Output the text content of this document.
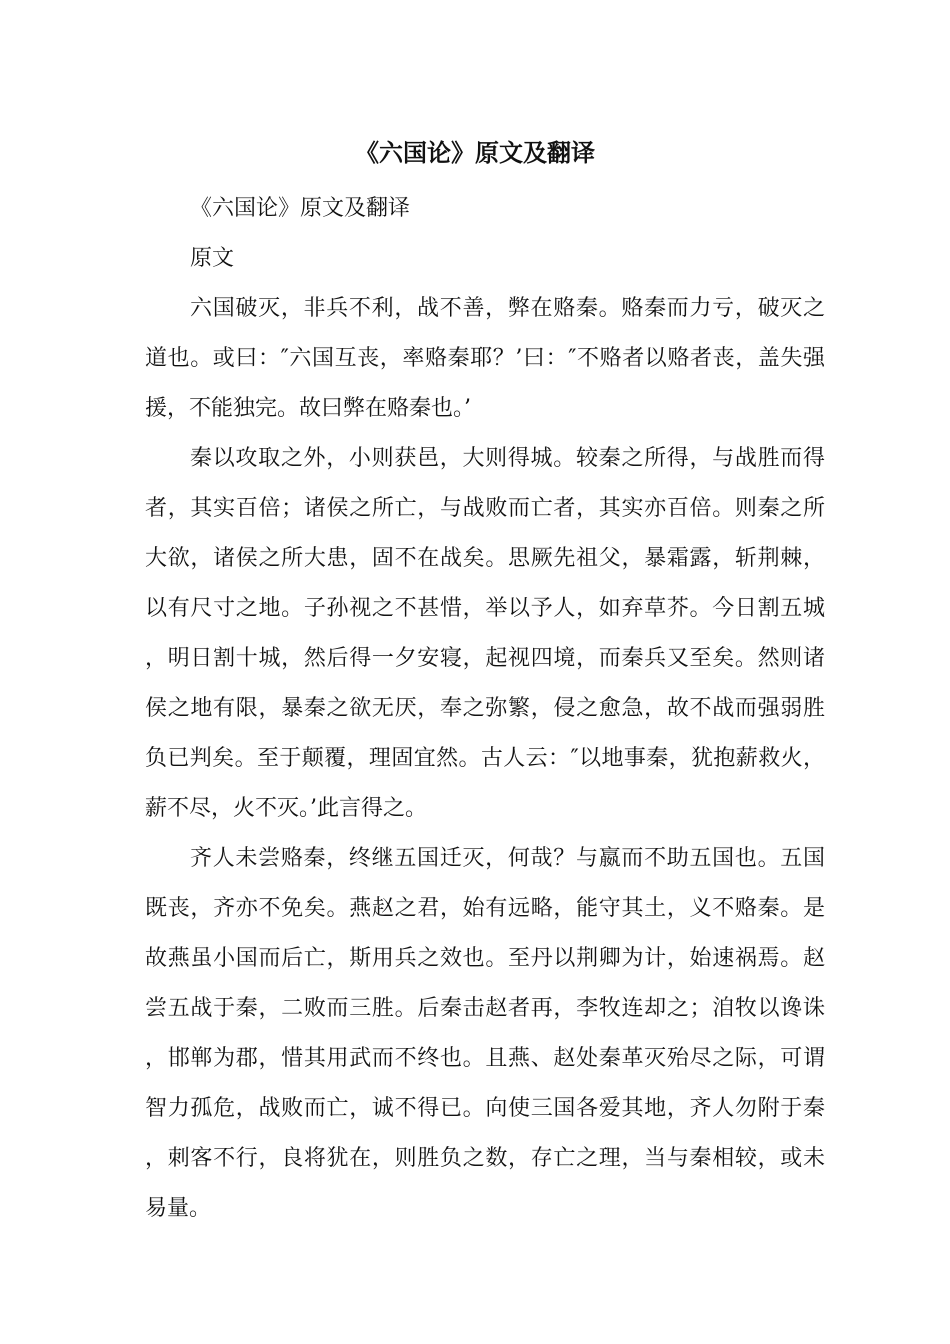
《六国论》原文及翻译

《六国论》原文及翻译

原文

六国破灭，非兵不利，战不善，弊在赂秦。赂秦而力亏，破灭之道也。或曰：″六国互丧，率赂秦耶？’曰：″不赂者以赂者丧，盖失强援，不能独完。故曰弊在赂秦也。’

秦以攻取之外，小则获邑，大则得城。较秦之所得，与战胜而得者，其实百倍；诸侯之所亡，与战败而亡者，其实亦百倍。则秦之所大欲，诸侯之所大患，固不在战矣。思厥先祖父，暴霜露，斩荆棘，以有尺寸之地。子孙视之不甚惜，举以予人，如弃草芥。今日割五城，明日割十城，然后得一夕安寝，起视四境，而秦兵又至矣。然则诸侯之地有限，暴秦之欲无厌，奉之弥繁，侵之愈急，故不战而强弱胜负已判矣。至于颠覆，理固宜然。古人云：″以地事秦，犹抱薪救火，薪不尽，火不灭。’此言得之。

齐人未尝赂秦，终继五国迁灭，何哉？与嬴而不助五国也。五国既丧，齐亦不免矣。燕赵之君，始有远略，能守其土，义不赂秦。是故燕虽小国而后亡，斯用兵之效也。至丹以荆卿为计，始速祸焉。赵尝五战于秦，二败而三胜。后秦击赵者再，李牧连却之；洎牧以谗诛，邯郸为郡，惜其用武而不终也。且燕、赵处秦革灭殆尽之际，可谓智力孤危，战败而亡，诚不得已。向使三国各爱其地，齐人勿附于秦，刺客不行，良将犹在，则胜负之数，存亡之理，当与秦相较，或未易量。
